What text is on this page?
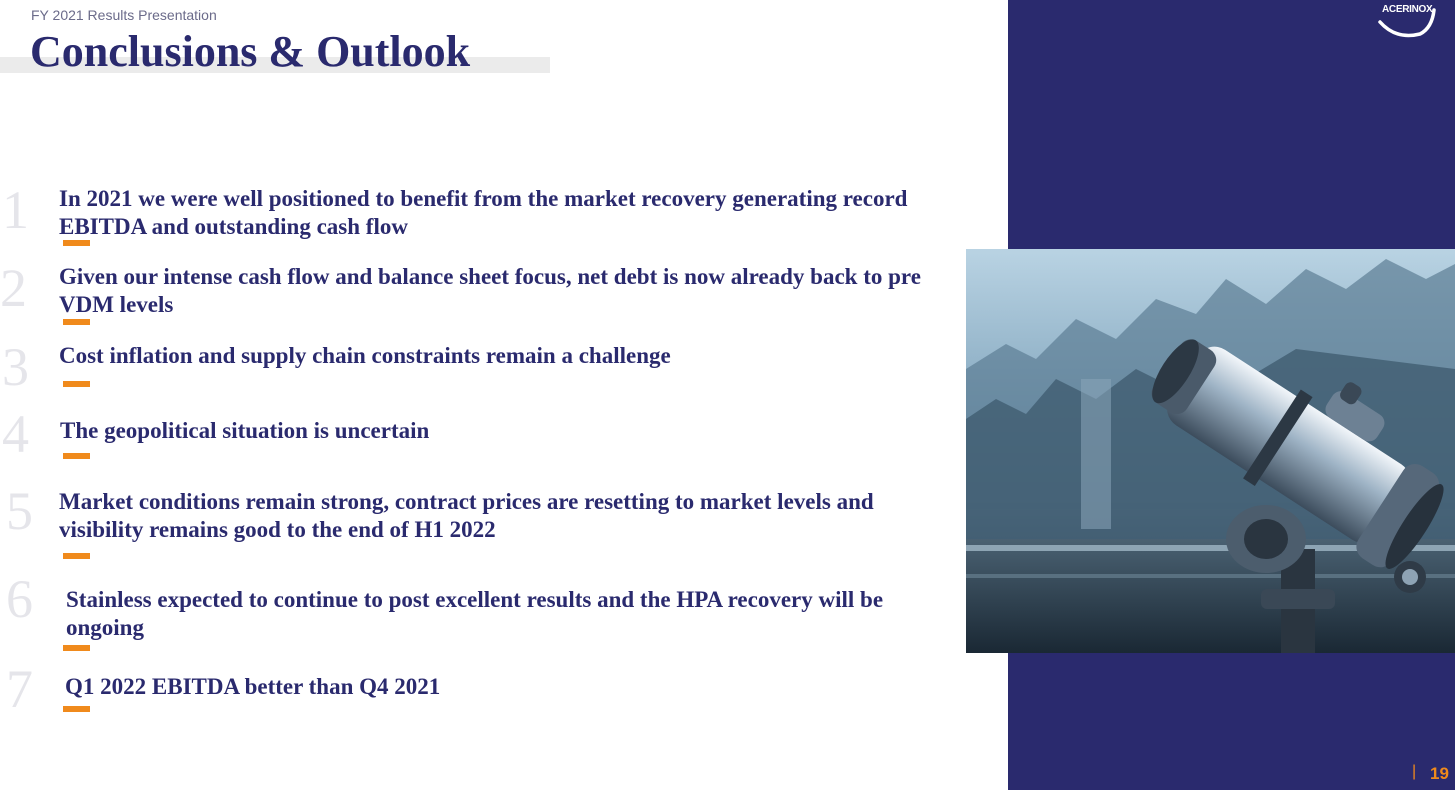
FY 2021 Results Presentation
Conclusions & Outlook
ACERINOX
1 In 2021 we were well positioned to benefit from the market recovery generating record EBITDA and outstanding cash flow
2 Given our intense cash flow and balance sheet focus, net debt is now already back to pre VDM levels
3 Cost inflation and supply chain constraints remain a challenge
4 The geopolitical situation is uncertain
5 Market conditions remain strong, contract prices are resetting to market levels and visibility remains good to the end of H1 2022
6 Stainless expected to continue to post excellent results and the HPA recovery will be ongoing
7 Q1 2022 EBITDA better than Q4 2021
| 19
